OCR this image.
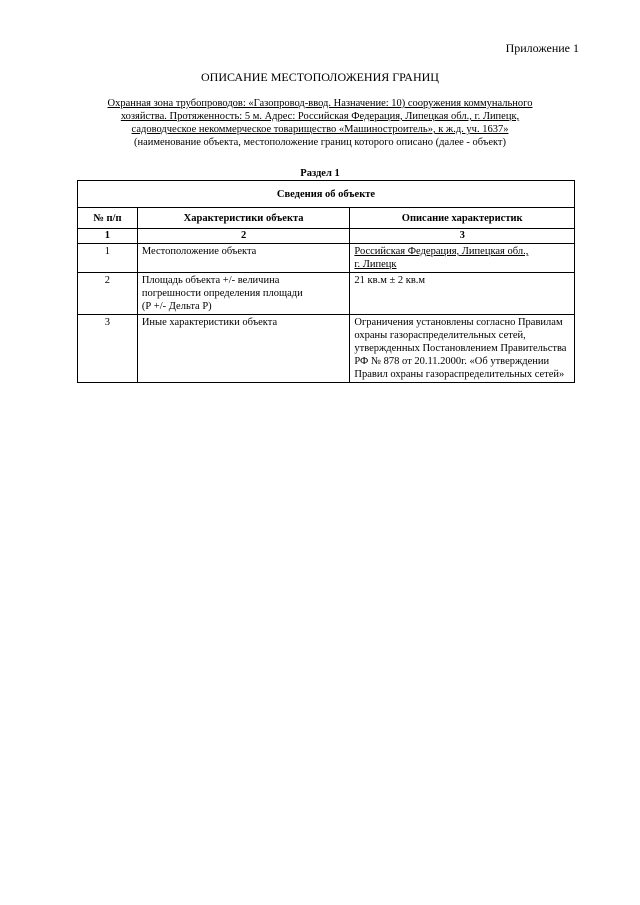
Приложение 1
ОПИСАНИЕ МЕСТОПОЛОЖЕНИЯ ГРАНИЦ
Охранная зона трубопроводов: «Газопровод-ввод. Назначение: 10) сооружения коммунального
хозяйства. Протяженность: 5 м. Адрес: Российская Федерация, Липецкая обл., г. Липецк,
садоводческое некоммерческое товарищество «Машиностроитель», к ж.д. уч. 1637»
(наименование объекта, местоположение границ которого описано (далее - объект)
Раздел 1
Сведения об объекте		
№ п/п	Характеристики объекта	Описание характеристик
1	2	3
1	Местоположение объекта	Российская Федерация, Липецкая обл.,
г. Липецк

2	Площадь объекта +/- величина
погрешности определения площади
(Р +/- Дельта Р)	21 кв.м ± 2 кв.м

3	Иные характеристики объекта	Ограничения установлены согласно Правилам
охраны газораспределительных сетей,
утвержденных Постановлением Правительства
РФ № 878 от 20.11.2000г. «Об утверждении
Правил охраны газораспределительных сетей»
